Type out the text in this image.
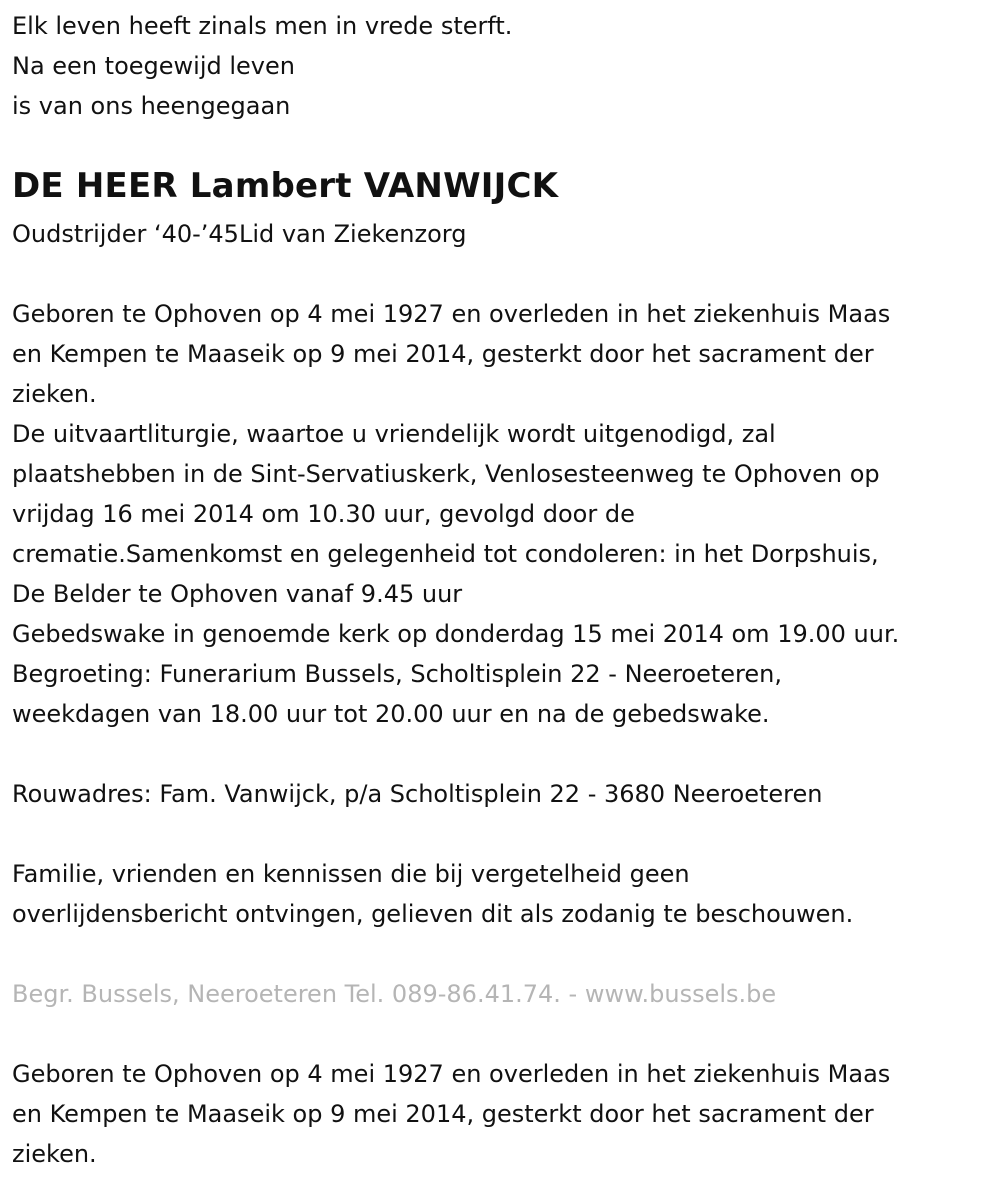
Elk leven heeft zinals men in vrede sterft.

Na een toegewijd leven

is van ons heengegaan

DE HEER Lambert VANWIJCK

Oudstrijder ‘40-’45Lid van Ziekenzorg

Geboren te Ophoven op 4 mei 1927 en overleden in het ziekenhuis Maas

en Kempen te Maaseik op 9 mei 2014, gesterkt door het sacrament der

zieken.

De uitvaartliturgie, waartoe u vriendelijk wordt uitgenodigd, zal

plaatshebben in de Sint-Servatiuskerk, Venlosesteenweg te Ophoven op

vrijdag 16 mei 2014 om 10.30 uur, gevolgd door de

crematie.Samenkomst en gelegenheid tot condoleren: in het Dorpshuis,

De Belder te Ophoven vanaf 9.45 uur

Gebedswake in genoemde kerk op donderdag 15 mei 2014 om 19.00 uur.

Begroeting: Funerarium Bussels, Scholtisplein 22 - Neeroeteren,

weekdagen van 18.00 uur tot 20.00 uur en na de gebedswake.

Rouwadres: Fam. Vanwijck, p/a Scholtisplein 22 - 3680 Neeroeteren

Familie, vrienden en kennissen die bij vergetelheid geen

overlijdensbericht ontvingen, gelieven dit als zodanig te beschouwen.

Begr. Bussels, Neeroeteren Tel. 089-86.41.74. - www.bussels.be

Geboren te Ophoven op 4 mei 1927 en overleden in het ziekenhuis Maas

en Kempen te Maaseik op 9 mei 2014, gesterkt door het sacrament der

zieken.
